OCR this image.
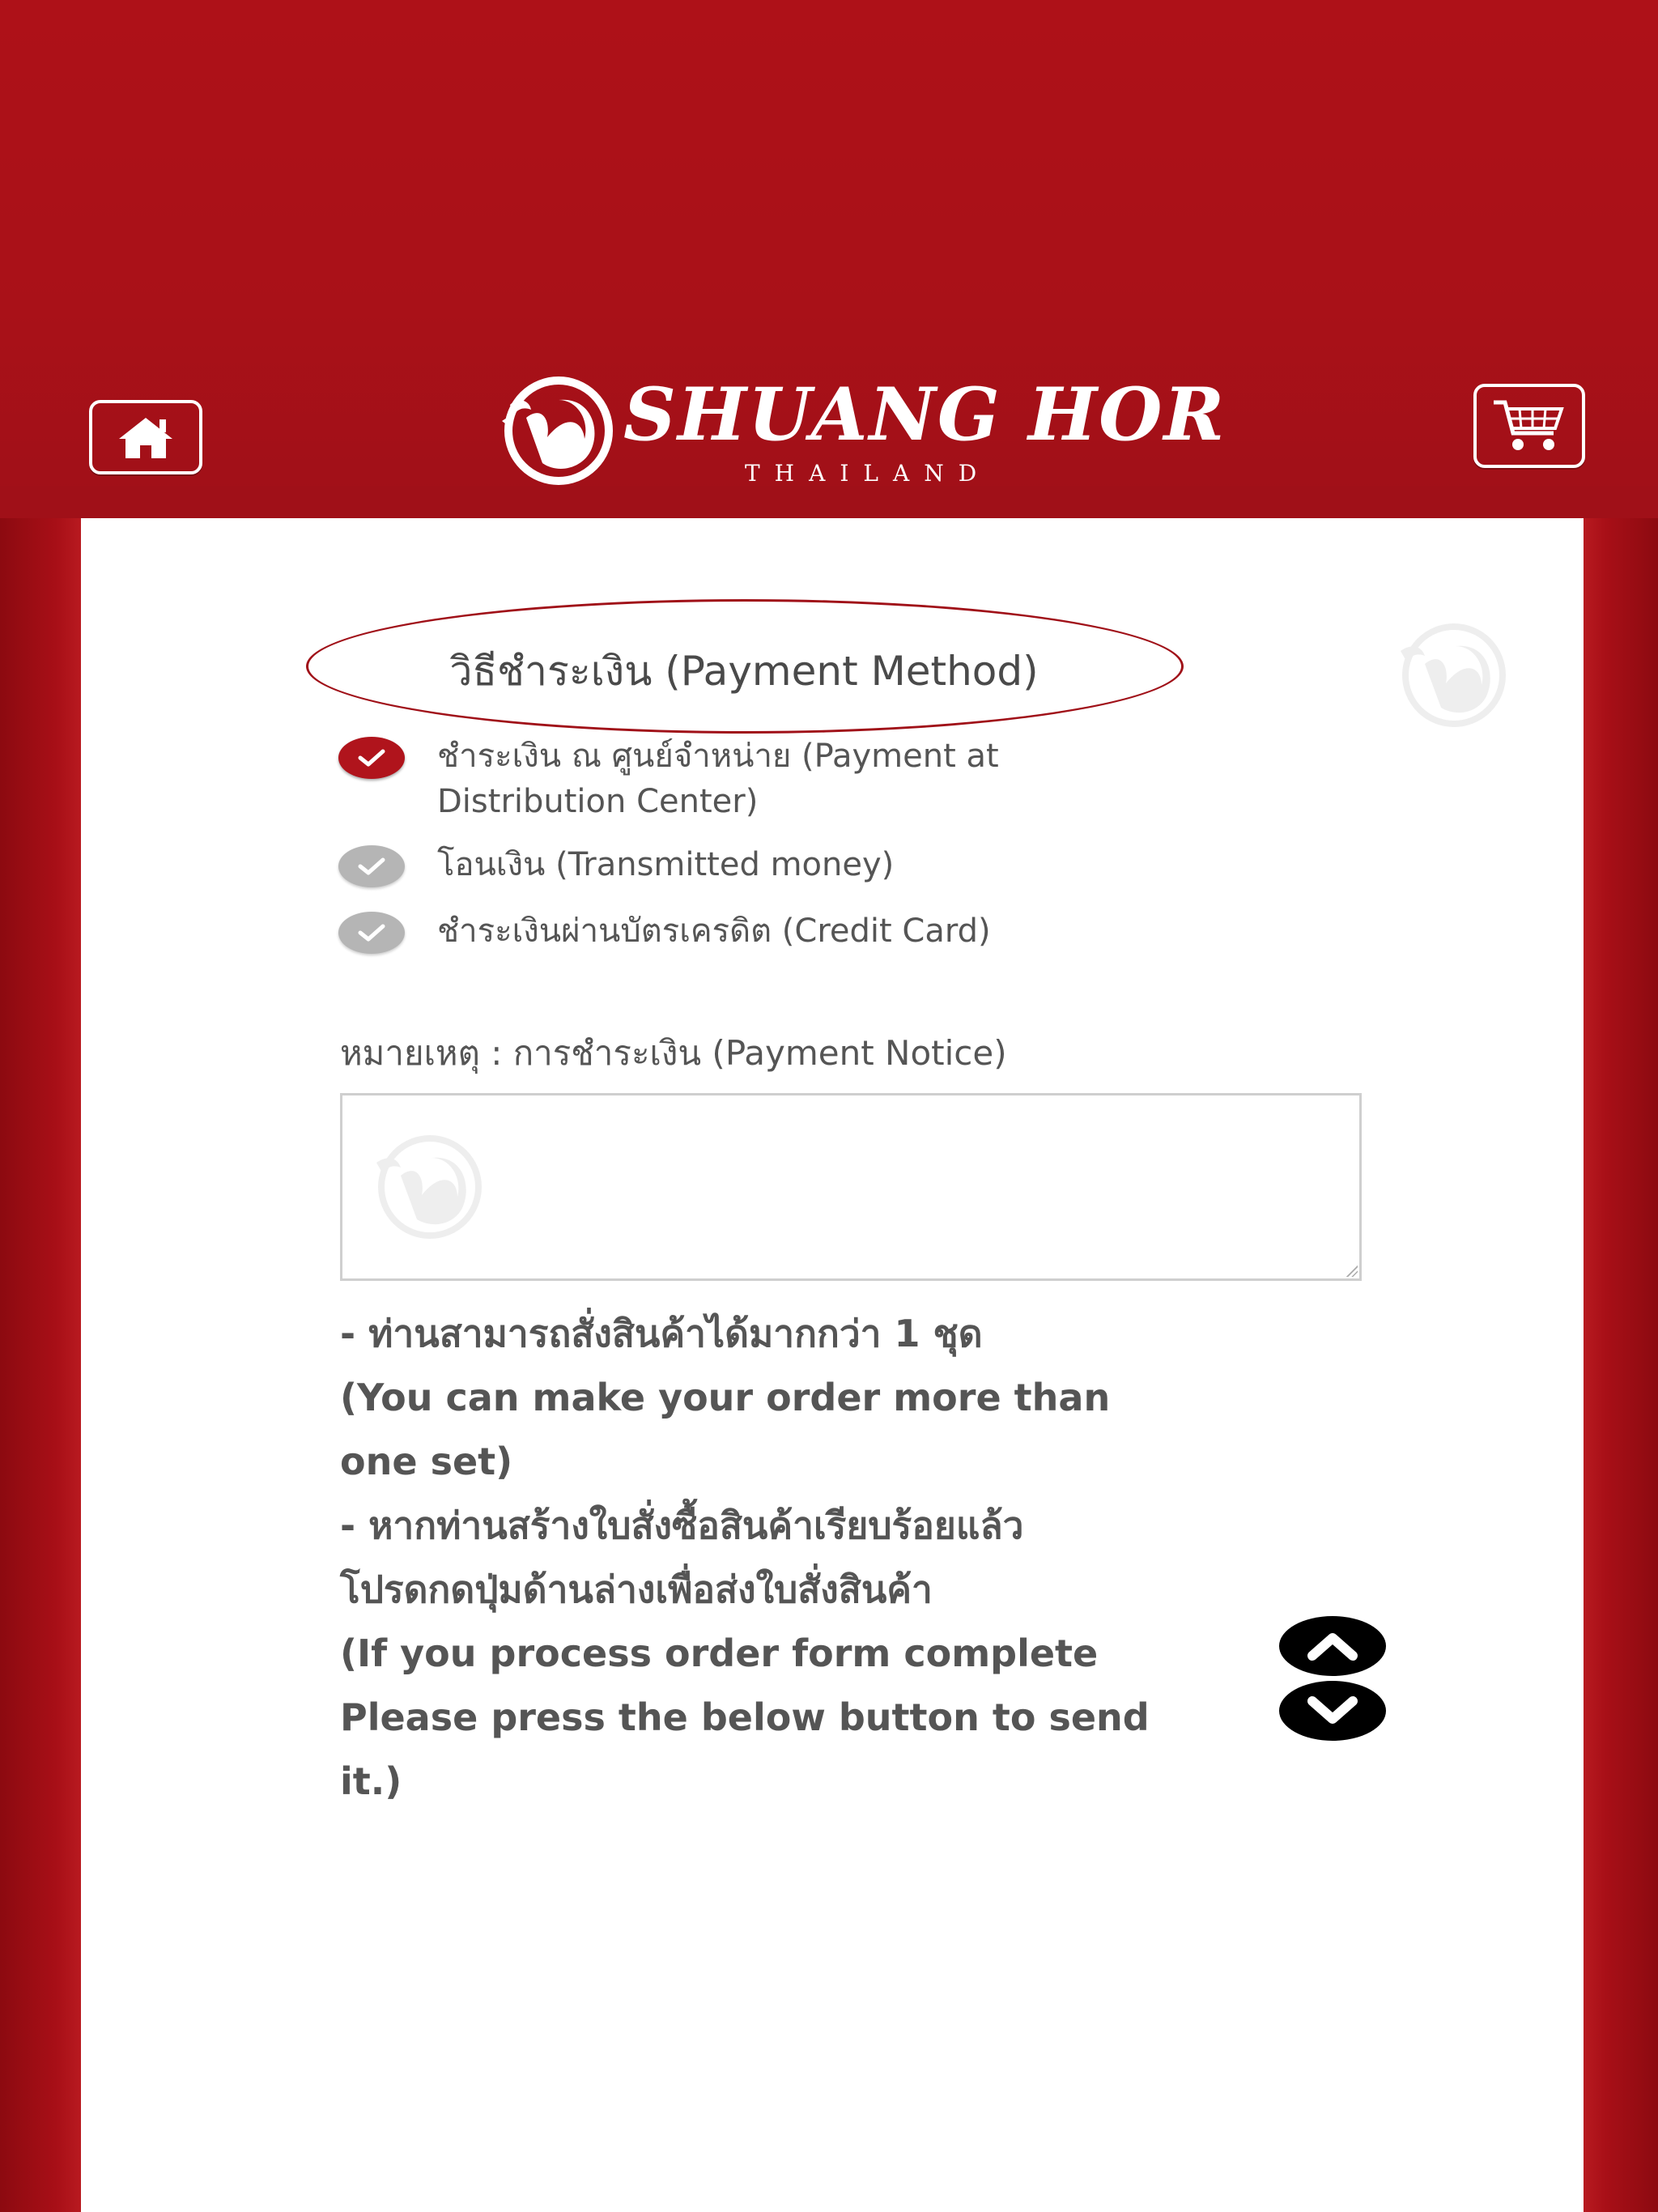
SHUANG HOR
THAILAND
วิธีชำระเงิน (Payment Method)
ชำระเงิน ณ ศูนย์จำหน่าย (Payment at
Distribution Center)
โอนเงิน (Transmitted money)
ชำระเงินผ่านบัตรเครดิต (Credit Card)
หมายเหตุ : การชำระเงิน (Payment Notice)
- ท่านสามารถสั่งสินค้าได้มากกว่า 1 ชุด
(You can make your order more than
one set)
- หากท่านสร้างใบสั่งซื้อสินค้าเรียบร้อยแล้ว
โปรดกดปุ่มด้านล่างเพื่อส่งใบสั่งสินค้า
(If you process order form complete
Please press the below button to send
it.)
